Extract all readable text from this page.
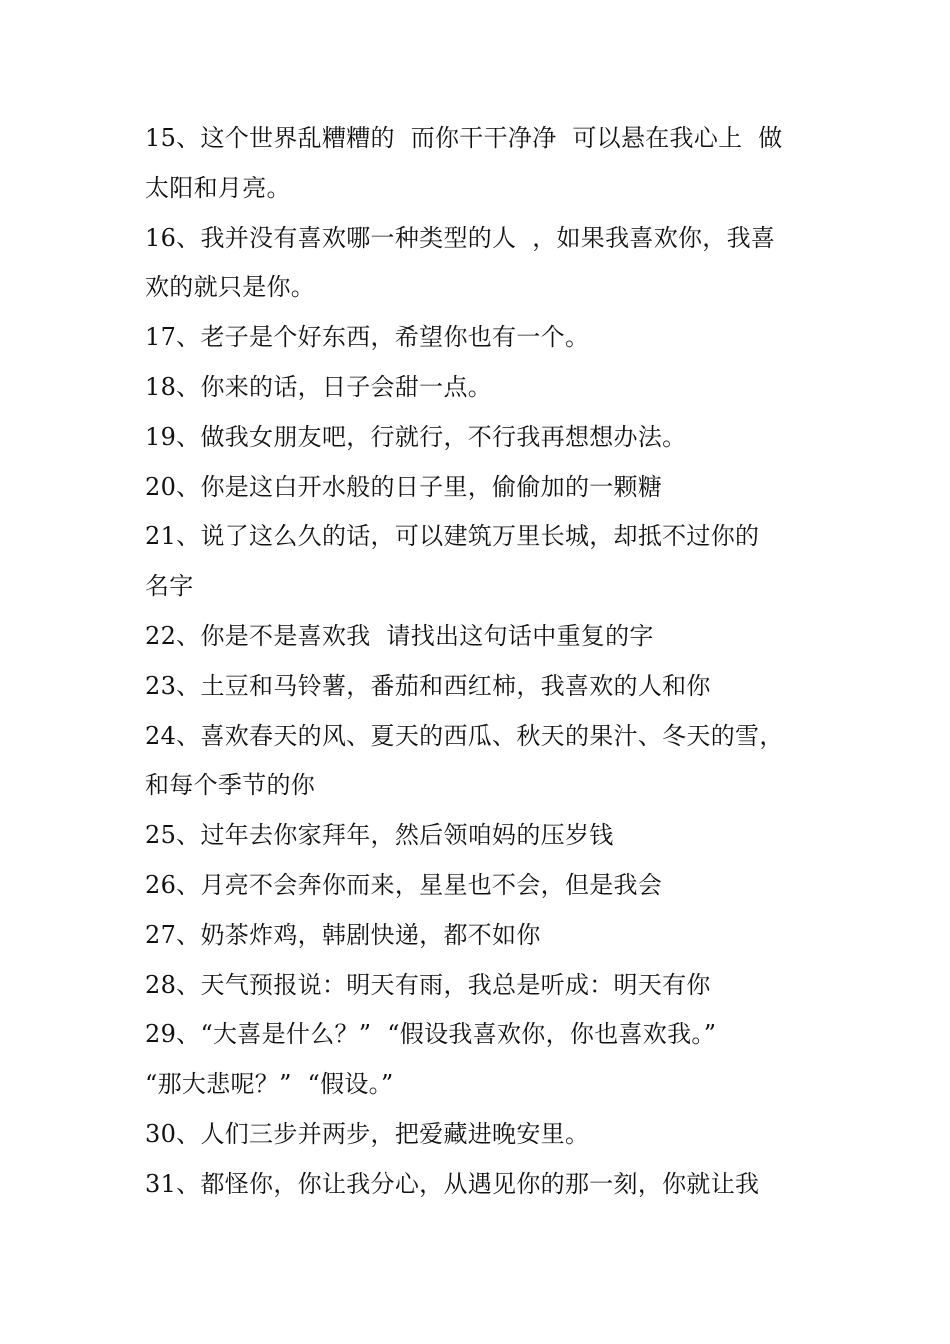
15、这个世界乱糟糟的  而你干干净净  可以悬在我心上  做
太阳和月亮。
16、我并没有喜欢哪一种类型的人  ，如果我喜欢你，我喜
欢的就只是你。
17、老子是个好东西，希望你也有一个。
18、你来的话，日子会甜一点。
19、做我女朋友吧，行就行，不行我再想想办法。
20、你是这白开水般的日子里，偷偷加的一颗糖
21、说了这么久的话，可以建筑万里长城，却抵不过你的
名字
22、你是不是喜欢我  请找出这句话中重复的字
23、土豆和马铃薯，番茄和西红柿，我喜欢的人和你
24、喜欢春天的风、夏天的西瓜、秋天的果汁、冬天的雪，
和每个季节的你
25、过年去你家拜年，然后领咱妈的压岁钱
26、月亮不会奔你而来，星星也不会，但是我会
27、奶茶炸鸡，韩剧快递，都不如你
28、天气预报说：明天有雨，我总是听成：明天有你
29、“大喜是什么？”  “假设我喜欢你，你也喜欢我。”
“那大悲呢？”  “假设。”
30、人们三步并两步，把爱藏进晚安里。
31、都怪你，你让我分心，从遇见你的那一刻，你就让我
